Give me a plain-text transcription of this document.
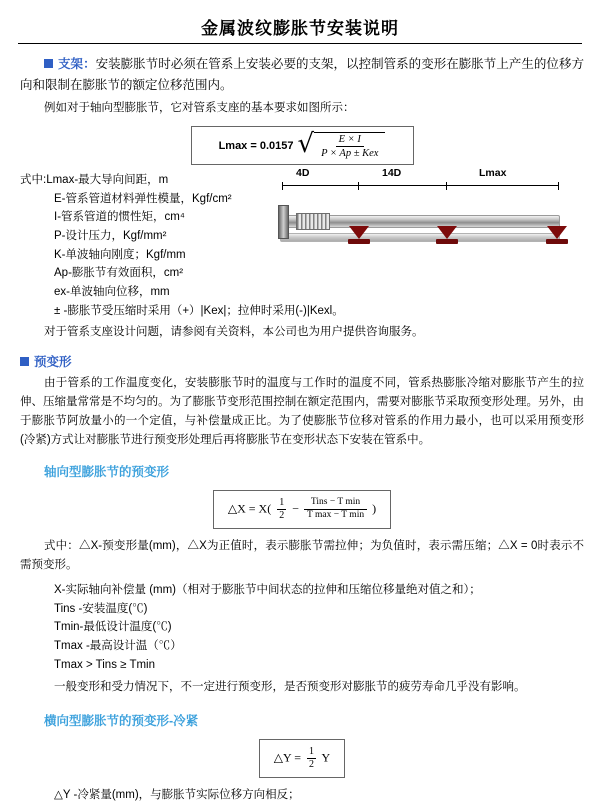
金属波纹膨胀节安装说明

支架：安装膨胀节时必须在管系上安装必要的支架，以控制管系的变形在膨胀节上产生的位移方向和限制在膨胀节的额定位移范围内。

例如对于轴向型膨胀节，它对管系支座的基本要求如图所示：

Lmax = 0.0157 √ E × I
P × Ap ± Kex

式中:Lmax-最大导向间距，m

E-管系管道材料弹性模量，Kgf/cm²

I-管系管道的惯性矩，cm⁴

P-设计压力，Kgf/mm²

K-单波轴向刚度；Kgf/mm

Ap-膨胀节有效面积，cm²

ex-单波轴向位移，mm

4D	14D	Lmax

± -膨胀节受压缩时采用（+）|Kex|；拉伸时采用(-)|Kexl。

对于管系支座设计问题，请参阅有关资料，本公司也为用户提供咨询服务。

预变形

由于管系的工作温度变化，安装膨胀节时的温度与工作时的温度不同，管系热膨胀冷缩对膨胀节产生的拉伸、压缩量常常是不均匀的。为了膨胀节变形范围控制在额定范围内，需要对膨胀节采取预变形处理。另外，由于膨胀节阿放量小的一个定值，与补偿量成正比。为了使膨胀节位移对管系的作用力最小，也可以采用预变形(冷紧)方式让对膨胀节进行预变形处理后再将膨胀节在变形状态下安装在管系中。

轴向型膨胀节的预变形
△X = $X( \frac{1}{2} - \frac{\text{Tins − T min}}{\text{T max − T min}}$ )

式中：△X-预变形量(mm)，△X为正值时，表示膨胀节需拉伸；为负值时，表示需压缩；△X = 0时表示不需预变形。

X-实际轴向补偿量 (mm)（相对于膨胀节中间状态的拉伸和压缩位移量绝对值之和）；

Tins -安装温度(℃)

Tmin-最低设计温度(℃)

Tmax -最高设计温（℃）

Tmax > Tins ≥ Tmin

一般变形和受力情况下，不一定进行预变形，是否预变形对膨胀节的疲劳寿命几乎没有影响。

横向型膨胀节的预变形-冷紧
△Y = $\frac{1}{2}$ Y

△Y -冷紧量(mm)，与膨胀节实际位移方向相反；
